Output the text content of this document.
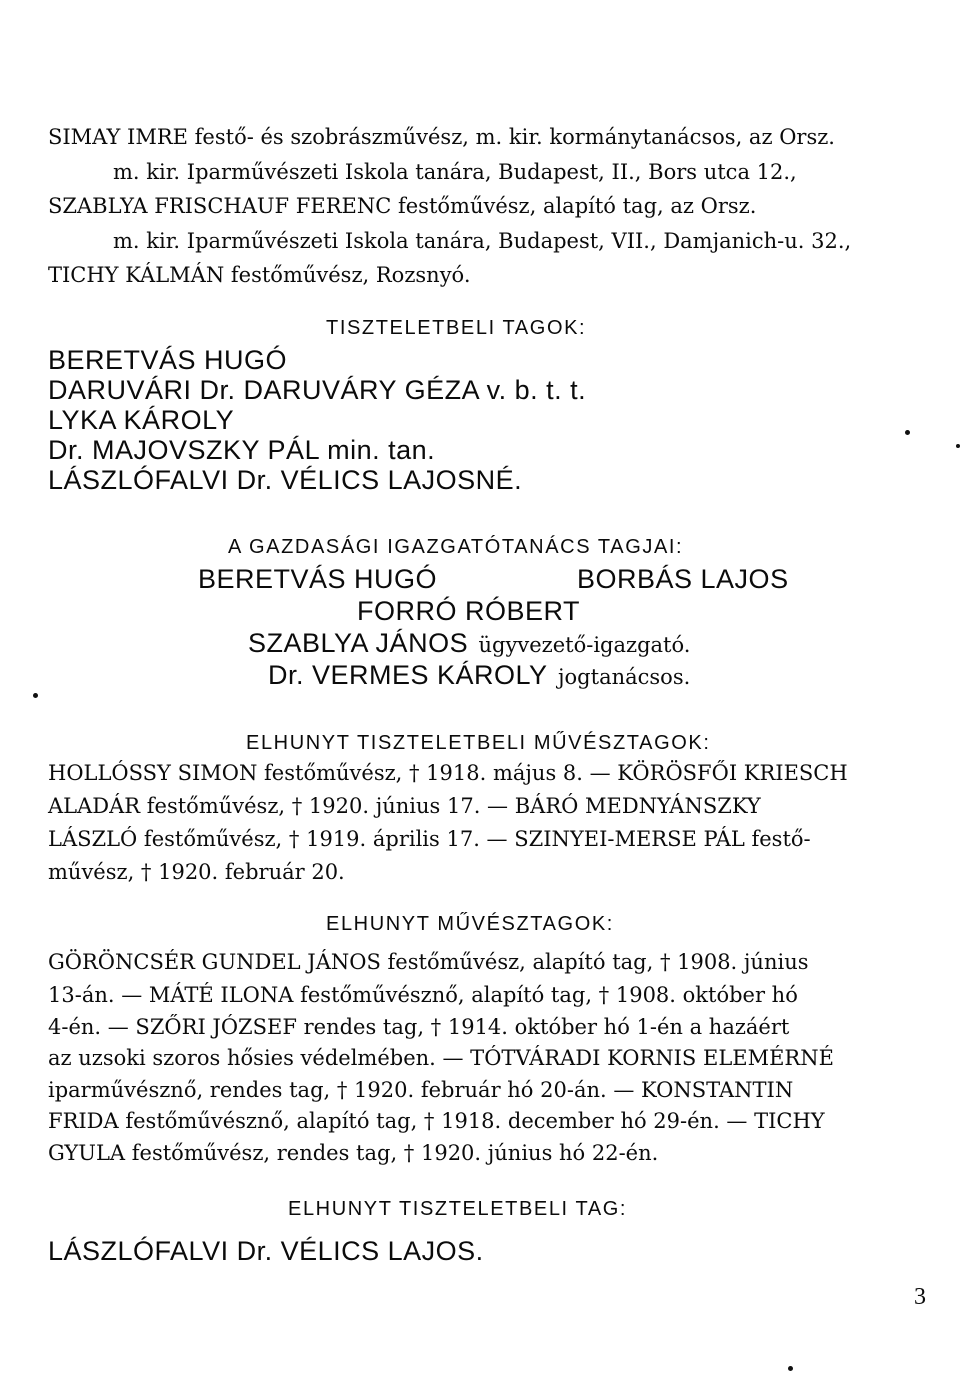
SIMAY IMRE festő- és szobrászművész, m. kir. kormánytanácsos, az Orsz.
m. kir. Iparművészeti Iskola tanára, Budapest, II., Bors utca 12.,
SZABLYA FRISCHAUF FERENC festőművész, alapító tag, az Orsz.
m. kir. Iparművészeti Iskola tanára, Budapest, VII., Damjanich-u. 32.,
TICHY KÁLMÁN festőművész, Rozsnyó.
TISZTELETBELI TAGOK:
BERETVÁS HUGÓ
DARUVÁRI Dr. DARUVÁRY GÉZA v. b. t. t.
LYKA KÁROLY
Dr. MAJOVSZKY PÁL min. tan.
LÁSZLÓFALVI Dr. VÉLICS LAJOSNÉ.
A GAZDASÁGI IGAZGATÓTANÁCS TAGJAI:
BERETVÁS HUGÓ	BORBÁS LAJOS
FORRÓ RÓBERT
SZABLYA JÁNOS ügyvezető-igazgató.
Dr. VERMES KÁROLY jogtanácsos.
ELHUNYT TISZTELETBELI MŰVÉSZTAGOK:
HOLLÓSSY SIMON festőművész, † 1918. május 8. — KÖRÖSFŐI KRIESCH
ALADÁR festőművész, † 1920. június 17. — BÁRÓ MEDNYÁNSZKY
LÁSZLÓ festőművész, † 1919. április 17. — SZINYEI-MERSE PÁL festő-
művész, † 1920. február 20.
ELHUNYT MŰVÉSZTAGOK:
GÖRÖNCSÉR GUNDEL JÁNOS festőművész, alapító tag, † 1908. június
13-án. — MÁTÉ ILONA festőművésznő, alapító tag, † 1908. október hó
4-én. — SZŐRI JÓZSEF rendes tag, † 1914. október hó 1-én a hazáért
az uzsoki szoros hősies védelmében. — TÓTVÁRADI KORNIS ELEMÉRNÉ
iparművésznő, rendes tag, † 1920. február hó 20-án. — KONSTANTIN
FRIDA festőművésznő, alapító tag, † 1918. december hó 29-én. — TICHY
GYULA festőművész, rendes tag, † 1920. június hó 22-én.
ELHUNYT TISZTELETBELI TAG:
LÁSZLÓFALVI Dr. VÉLICS LAJOS.
3
